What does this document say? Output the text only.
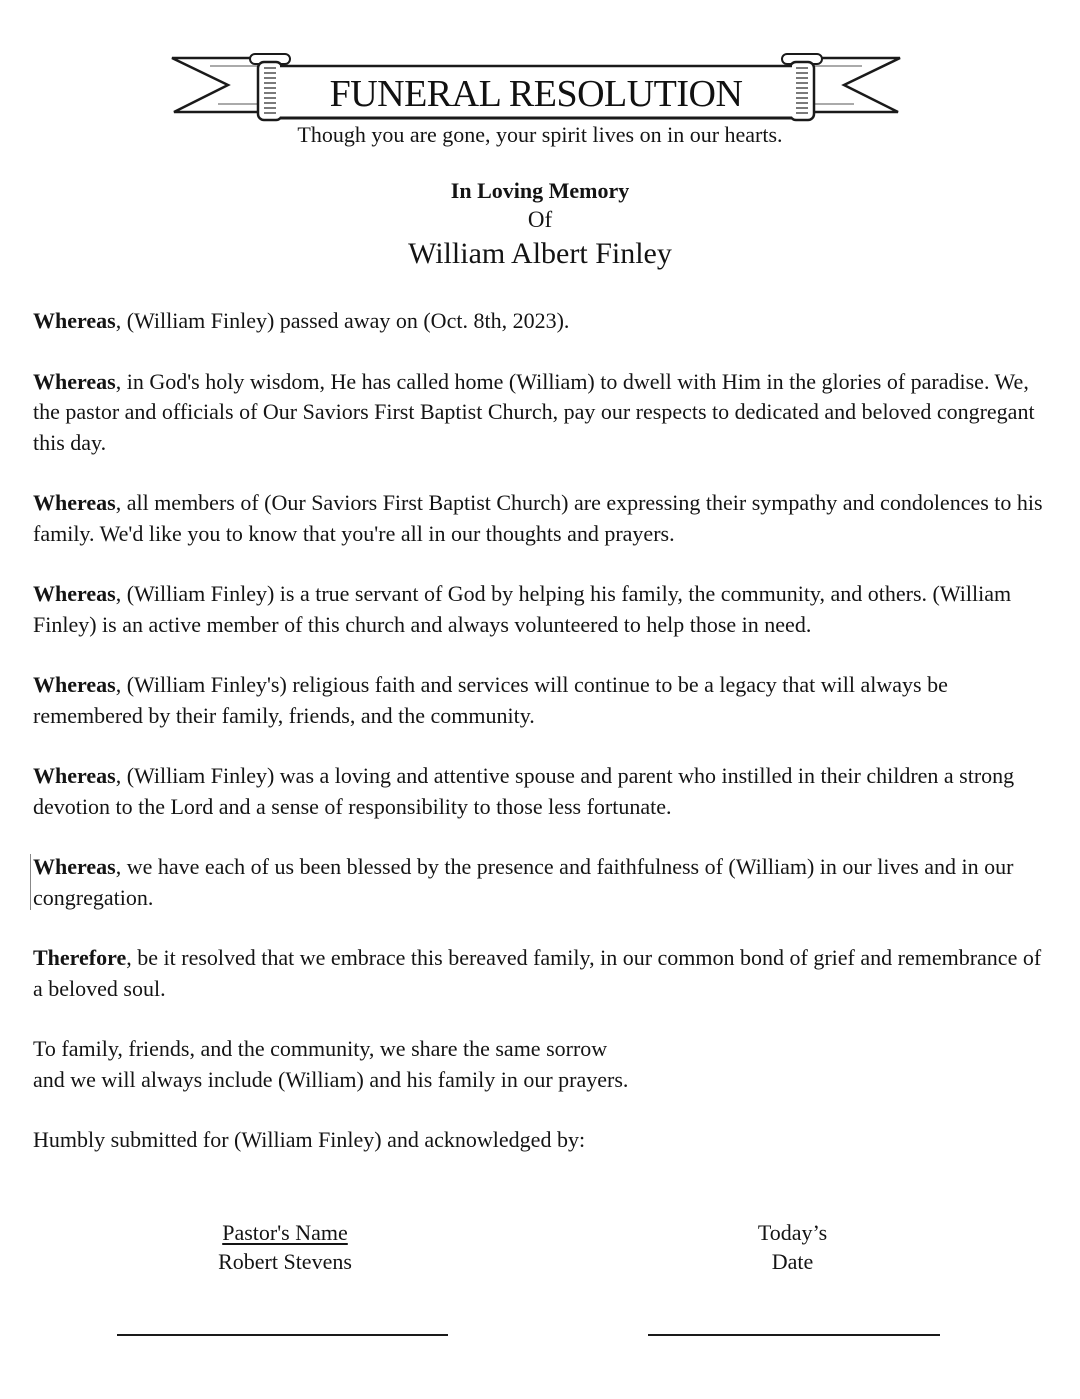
FUNERAL RESOLUTION
Though you are gone, your spirit lives on in our hearts.
In Loving Memory
Of
William Albert Finley

Whereas, (William Finley) passed away on (Oct. 8th, 2023).

Whereas, in God's holy wisdom, He has called home (William) to dwell with Him in the glories of paradise. We, the pastor and officials of Our Saviors First Baptist Church, pay our respects to dedicated and beloved congregant this day.

Whereas, all members of (Our Saviors First Baptist Church) are expressing their sympathy and condolences to his family. We'd like you to know that you're all in our thoughts and prayers.

Whereas, (William Finley) is a true servant of God by helping his family, the community, and others. (William Finley) is an active member of this church and always volunteered to help those in need.

Whereas, (William Finley's) religious faith and services will continue to be a legacy that will always be remembered by their family, friends, and the community.

Whereas, (William Finley) was a loving and attentive spouse and parent who instilled in their children a strong devotion to the Lord and a sense of responsibility to those less fortunate.

Whereas, we have each of us been blessed by the presence and faithfulness of (William) in our lives and in our congregation.

Therefore, be it resolved that we embrace this bereaved family, in our common bond of grief and remembrance of a beloved soul.

To family, friends, and the community, we share the same sorrow
and we will always include (William) and his family in our prayers.

Humbly submitted for (William Finley) and acknowledged by:

Pastor's Name
Robert Stevens
Today’s
Date
